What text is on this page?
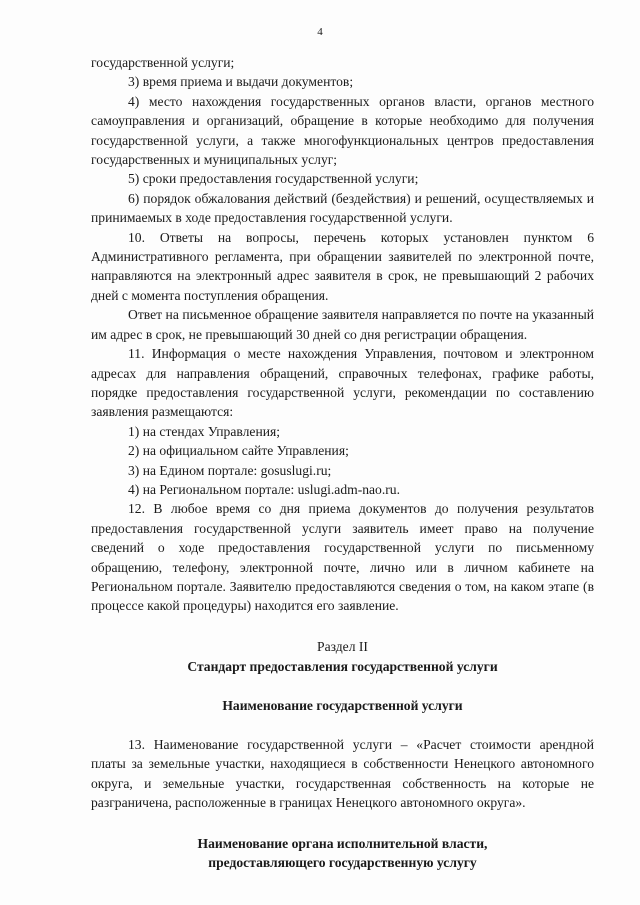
4

государственной услуги;

3) время приема и выдачи документов;

4) место нахождения государственных органов власти, органов местного самоуправления и организаций, обращение в которые необходимо для получения государственной услуги, а также многофункциональных центров предоставления государственных и муниципальных услуг;

5) сроки предоставления государственной услуги;

6) порядок обжалования действий (бездействия) и решений, осуществляемых и принимаемых в ходе предоставления государственной услуги.

10. Ответы на вопросы, перечень которых установлен пунктом 6 Административного регламента, при обращении заявителей по электронной почте, направляются на электронный адрес заявителя в срок, не превышающий 2 рабочих дней с момента поступления обращения.

Ответ на письменное обращение заявителя направляется по почте на указанный им адрес в срок, не превышающий 30 дней со дня регистрации обращения.

11. Информация о месте нахождения Управления, почтовом и электронном адресах для направления обращений, справочных телефонах, графике работы, порядке предоставления государственной услуги, рекомендации по составлению заявления размещаются:

1) на стендах Управления;

2) на официальном сайте Управления;

3) на Едином портале: gosuslugi.ru;

4) на Региональном портале: uslugi.adm-nao.ru.

12. В любое время со дня приема документов до получения результатов предоставления государственной услуги заявитель имеет право на получение сведений о ходе предоставления государственной услуги по письменному обращению, телефону, электронной почте, лично или в личном кабинете на Региональном портале. Заявителю предоставляются сведения о том, на каком этапе (в процессе какой процедуры) находится его заявление.

Раздел II

Стандарт предоставления государственной услуги

Наименование государственной услуги

13. Наименование государственной услуги – «Расчет стоимости арендной платы за земельные участки, находящиеся в собственности Ненецкого автономного округа, и земельные участки, государственная собственность на которые не разграничена, расположенные в границах Ненецкого автономного округа».

Наименование органа исполнительной власти,

предоставляющего государственную услугу
